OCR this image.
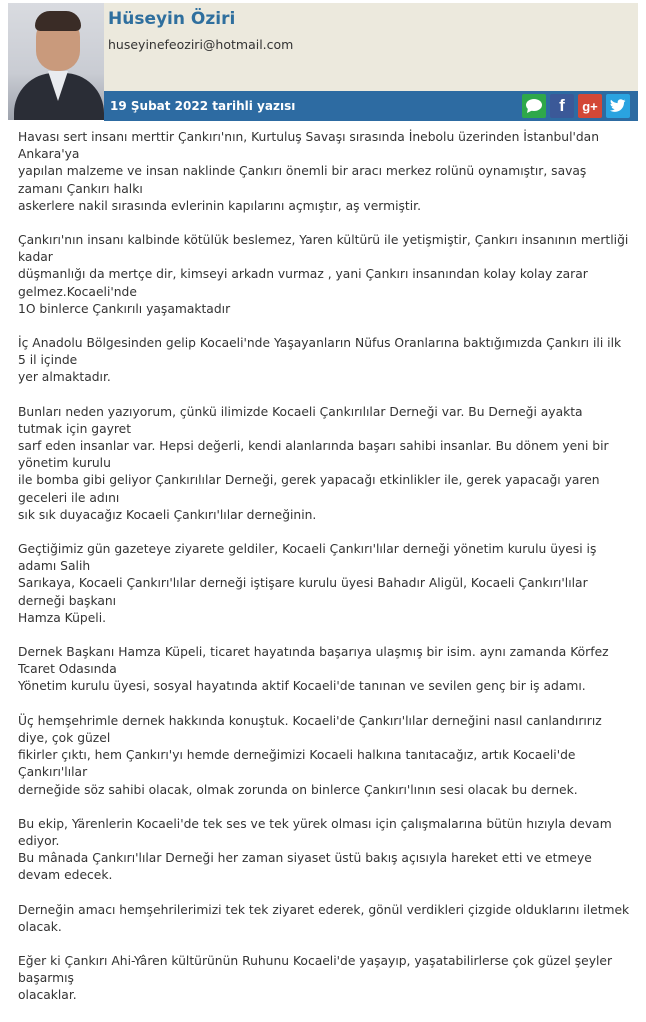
Hüseyin Öziri
huseyinefeoziri@hotmail.com
19 Şubat 2022 tarihli yazısı	f g+

Havası sert insanı merttir Çankırı'nın, Kurtuluş Savaşı sırasında İnebolu üzerinden İstanbul'dan Ankara'ya
yapılan malzeme ve insan naklinde Çankırı önemli bir aracı merkez rolünü oynamıştır, savaş zamanı Çankırı halkı
askerlere nakil sırasında evlerinin kapılarını açmıştır, aş vermiştir.

Çankırı'nın insanı kalbinde kötülük beslemez, Yaren kültürü ile yetişmiştir, Çankırı insanının mertliği kadar
düşmanlığı da mertçe dir, kimseyi arkadn vurmaz , yani Çankırı insanından kolay kolay zarar gelmez.Kocaeli'nde
1O binlerce Çankırılı yaşamaktadır

İç Anadolu Bölgesinden gelip Kocaeli'nde Yaşayanların Nüfus Oranlarına baktığımızda Çankırı ili ilk 5 il içinde
yer almaktadır.

Bunları neden yazıyorum, çünkü ilimizde Kocaeli Çankırılılar Derneği var. Bu Derneği ayakta tutmak için gayret
sarf eden insanlar var. Hepsi değerli, kendi alanlarında başarı sahibi insanlar. Bu dönem yeni bir yönetim kurulu
ile bomba gibi geliyor Çankırılılar Derneği, gerek yapacağı etkinlikler ile, gerek yapacağı yaren geceleri ile adını
sık sık duyacağız Kocaeli Çankırı'lılar derneğinin.

Geçtiğimiz gün gazeteye ziyarete geldiler, Kocaeli Çankırı'lılar derneği yönetim kurulu üyesi iş adamı Salih
Sarıkaya, Kocaeli Çankırı'lılar derneği iştişare kurulu üyesi Bahadır Aligül, Kocaeli Çankırı'lılar derneği başkanı
Hamza Küpeli.

Dernek Başkanı Hamza Küpeli, ticaret hayatında başarıya ulaşmış bir isim. aynı zamanda Körfez Tcaret Odasında
Yönetim kurulu üyesi, sosyal hayatında aktif Kocaeli'de tanınan ve sevilen genç bir iş adamı.

Üç hemşehrimle dernek hakkında konuştuk. Kocaeli'de Çankırı'lılar derneğini nasıl canlandırırız diye, çok güzel
fikirler çıktı, hem Çankırı'yı hemde derneğimizi Kocaeli halkına tanıtacağız, artık Kocaeli'de Çankırı'lılar
derneğide söz sahibi olacak, olmak zorunda on binlerce Çankırı'lının sesi olacak bu dernek.

Bu ekip, Yärenlerin Kocaeli'de tek ses ve tek yürek olması için çalışmalarına bütün hızıyla devam ediyor.
Bu mânada Çankırı'lılar Derneği her zaman siyaset üstü bakış açısıyla hareket etti ve etmeye devam edecek.

Derneğin amacı hemşehrilerimizi tek tek ziyaret ederek, gönül verdikleri çizgide olduklarını iletmek olacak.

Eğer ki Çankırı Ahi-Yâren kültürünün Ruhunu Kocaeli'de yaşayıp, yaşatabilirlerse çok güzel şeyler başarmış
olacaklar.
